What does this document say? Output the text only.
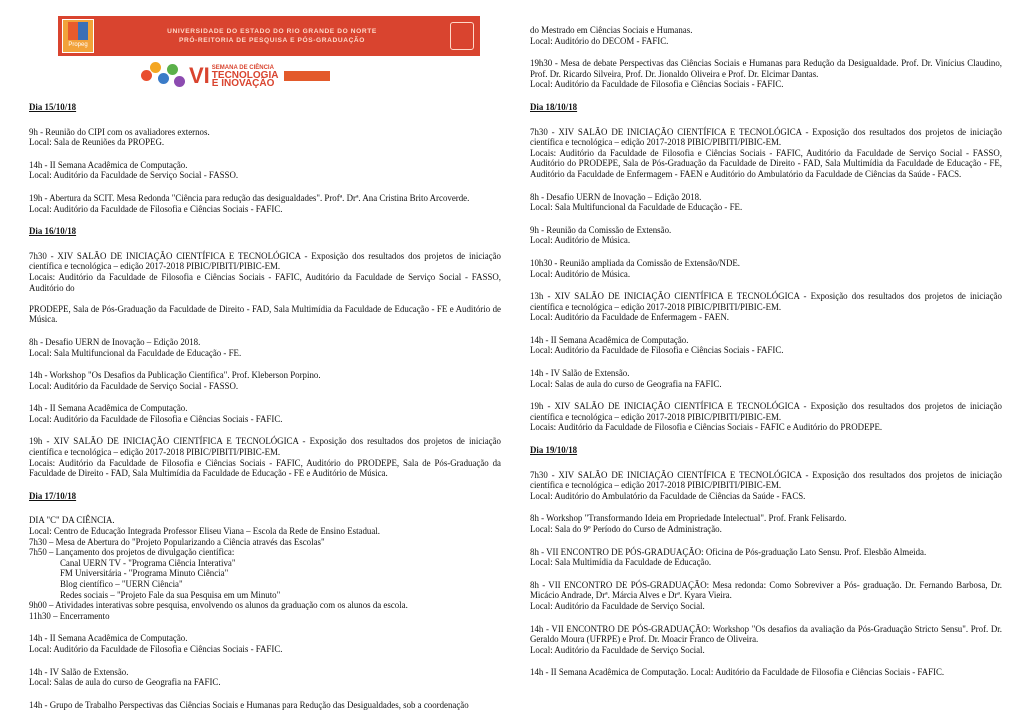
Propeg
UNIVERSIDADE DO ESTADO DO RIO GRANDE DO NORTE
PRÓ-REITORIA DE PESQUISA E PÓS-GRADUAÇÃO
VI SEMANA DE CIÊNCIA
TECNOLOGIA
E INOVAÇÃO
Dia 15/10/18

9h - Reunião do CIPI com os avaliadores externos.

Local: Sala de Reuniões da PROPEG.

14h - II Semana Acadêmica de Computação.

Local: Auditório da Faculdade de Serviço Social - FASSO.

19h - Abertura da SCIT. Mesa Redonda "Ciência para redução das desigualdades". Profª. Drª. Ana Cristina Brito Arcoverde.

Local: Auditório da Faculdade de Filosofia e Ciências Sociais - FAFIC.

Dia 16/10/18

7h30 - XIV SALÃO DE INICIAÇÃO CIENTÍFICA E TECNOLÓGICA - Exposição dos resultados dos projetos de iniciação científica e tecnológica – edição 2017-2018 PIBIC/PIBITI/PIBIC-EM.

Locais: Auditório da Faculdade de Filosofia e Ciências Sociais - FAFIC, Auditório da Faculdade de Serviço Social - FASSO, Auditório do

PRODEPE, Sala de Pós-Graduação da Faculdade de Direito - FAD, Sala Multimídia da Faculdade de Educação - FE e Auditório de Música.

8h - Desafio UERN de Inovação – Edição 2018.

Local: Sala Multifuncional da Faculdade de Educação - FE.

14h - Workshop "Os Desafios da Publicação Científica". Prof. Kleberson Porpino.

Local: Auditório da Faculdade de Serviço Social - FASSO.

14h - II Semana Acadêmica de Computação.

Local: Auditório da Faculdade de Filosofia e Ciências Sociais - FAFIC.

19h - XIV SALÃO DE INICIAÇÃO CIENTÍFICA E TECNOLÓGICA - Exposição dos resultados dos projetos de iniciação científica e tecnológica – edição 2017-2018 PIBIC/PIBITI/PIBIC-EM.

Locais: Auditório da Faculdade de Filosofia e Ciências Sociais - FAFIC, Auditório do PRODEPE, Sala de Pós-Graduação da Faculdade de Direito - FAD, Sala Multimídia da Faculdade de Educação - FE e Auditório de Música.

Dia 17/10/18

DIA "C" DA CIÊNCIA.

Local: Centro de Educação Integrada Professor Eliseu Viana – Escola da Rede de Ensino Estadual.

7h30 – Mesa de Abertura do "Projeto Popularizando a Ciência através das Escolas"

7h50 – Lançamento dos projetos de divulgação científica:

Canal UERN TV - "Programa Ciência Interativa"

FM Universitária - "Programa Minuto Ciência"

Blog científico – "UERN Ciência"

Redes sociais – "Projeto Fale da sua Pesquisa em um Minuto"

9h00 – Atividades interativas sobre pesquisa, envolvendo os alunos da graduação com os alunos da escola.

11h30 – Encerramento

14h - II Semana Acadêmica de Computação.

Local: Auditório da Faculdade de Filosofia e Ciências Sociais - FAFIC.

14h - IV Salão de Extensão.

Local: Salas de aula do curso de Geografia na FAFIC.

14h - Grupo de Trabalho Perspectivas das Ciências Sociais e Humanas para Redução das Desigualdades, sob a coordenação

do Mestrado em Ciências Sociais e Humanas.

Local: Auditório do DECOM - FAFIC.

19h30 - Mesa de debate Perspectivas das Ciências Sociais e Humanas para Redução da Desigualdade. Prof. Dr. Vinícius Claudino, Prof. Dr. Ricardo Silveira, Prof. Dr. Jionaldo Oliveira e Prof. Dr. Elcimar Dantas.

Local: Auditório da Faculdade de Filosofia e Ciências Sociais - FAFIC.

Dia 18/10/18

7h30 - XIV SALÃO DE INICIAÇÃO CIENTÍFICA E TECNOLÓGICA - Exposição dos resultados dos projetos de iniciação científica e tecnológica – edição 2017-2018 PIBIC/PIBITI/PIBIC-EM.

Locais: Auditório da Faculdade de Filosofia e Ciências Sociais - FAFIC, Auditório da Faculdade de Serviço Social - FASSO, Auditório do PRODEPE, Sala de Pós-Graduação da Faculdade de Direito - FAD, Sala Multimídia da Faculdade de Educação - FE, Auditório da Faculdade de Enfermagem - FAEN e Auditório do Ambulatório da Faculdade de Ciências da Saúde - FACS.

8h - Desafio UERN de Inovação – Edição 2018.

Local: Sala Multifuncional da Faculdade de Educação - FE.

9h - Reunião da Comissão de Extensão.

Local: Auditório de Música.

10h30 - Reunião ampliada da Comissão de Extensão/NDE.

Local: Auditório de Música.

13h - XIV SALÃO DE INICIAÇÃO CIENTÍFICA E TECNOLÓGICA - Exposição dos resultados dos projetos de iniciação científica e tecnológica – edição 2017-2018 PIBIC/PIBITI/PIBIC-EM.

Local: Auditório da Faculdade de Enfermagem - FAEN.

14h - II Semana Acadêmica de Computação.

Local: Auditório da Faculdade de Filosofia e Ciências Sociais - FAFIC.

14h - IV Salão de Extensão.

Local: Salas de aula do curso de Geografia na FAFIC.

19h - XIV SALÃO DE INICIAÇÃO CIENTÍFICA E TECNOLÓGICA - Exposição dos resultados dos projetos de iniciação científica e tecnológica – edição 2017-2018 PIBIC/PIBITI/PIBIC-EM.

Locais: Auditório da Faculdade de Filosofia e Ciências Sociais - FAFIC e Auditório do PRODEPE.

Dia 19/10/18

7h30 - XIV SALÃO DE INICIAÇÃO CIENTÍFICA E TECNOLÓGICA - Exposição dos resultados dos projetos de iniciação científica e tecnológica – edição 2017-2018 PIBIC/PIBITI/PIBIC-EM.

Local: Auditório do Ambulatório da Faculdade de Ciências da Saúde - FACS.

8h - Workshop "Transformando Ideia em Propriedade Intelectual". Prof. Frank Felisardo.

Local: Sala do 9º Período do Curso de Administração.

8h - VII ENCONTRO DE PÓS-GRADUAÇÃO: Oficina de Pós-graduação Lato Sensu. Prof. Elesbão Almeida.

Local: Sala Multimídia da Faculdade de Educação.

8h - VII ENCONTRO DE PÓS-GRADUAÇÃO: Mesa redonda: Como Sobreviver a Pós- graduação. Dr. Fernando Barbosa, Dr. Micácio Andrade, Drª. Márcia Alves e Drª. Kyara Vieira.

Local: Auditório da Faculdade de Serviço Social.

14h - VII ENCONTRO DE PÓS-GRADUAÇÃO: Workshop "Os desafios da avaliação da Pós-Graduação Stricto Sensu". Prof. Dr. Geraldo Moura (UFRPE) e Prof. Dr. Moacir Franco de Oliveira.

Local: Auditório da Faculdade de Serviço Social.

14h - II Semana Acadêmica de Computação. Local: Auditório da Faculdade de Filosofia e Ciências Sociais - FAFIC.
